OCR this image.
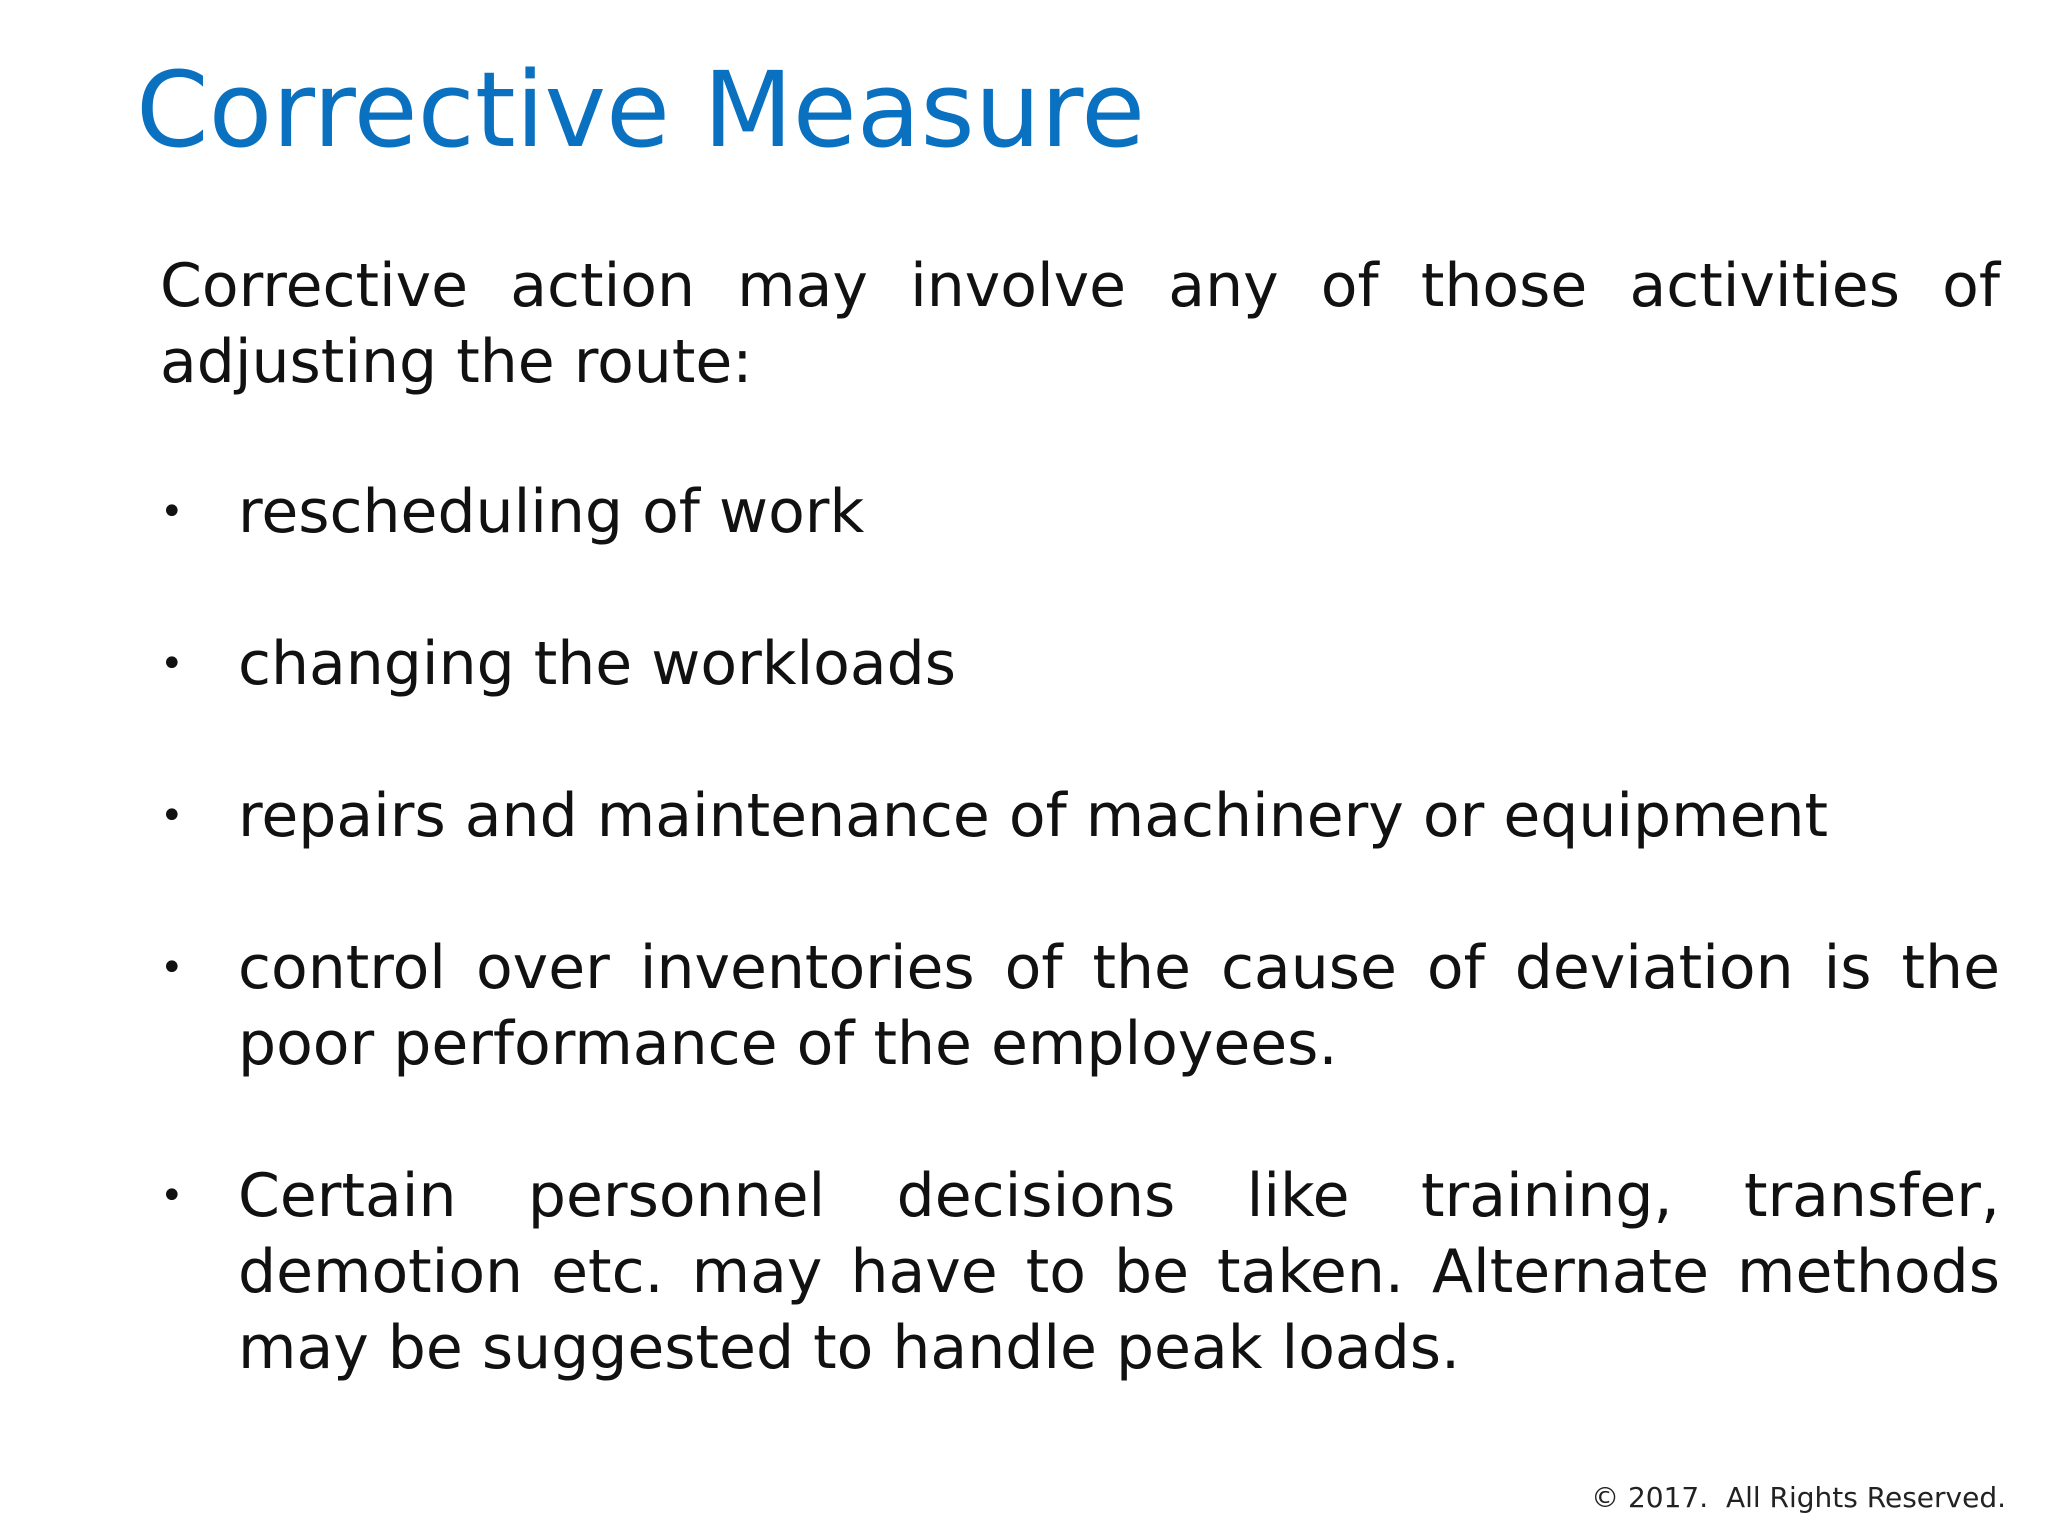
Corrective Measure

Corrective action may involve any of those activities of adjusting the route:

• rescheduling of work
• changing the workloads
• repairs and maintenance of machinery or equipment
• control over inventories of the cause of deviation is the poor performance of the employees.
• Certain personnel decisions like training, transfer, demotion etc. may have to be taken. Alternate methods may be suggested to handle peak loads.
© 2017.  All Rights Reserved.
